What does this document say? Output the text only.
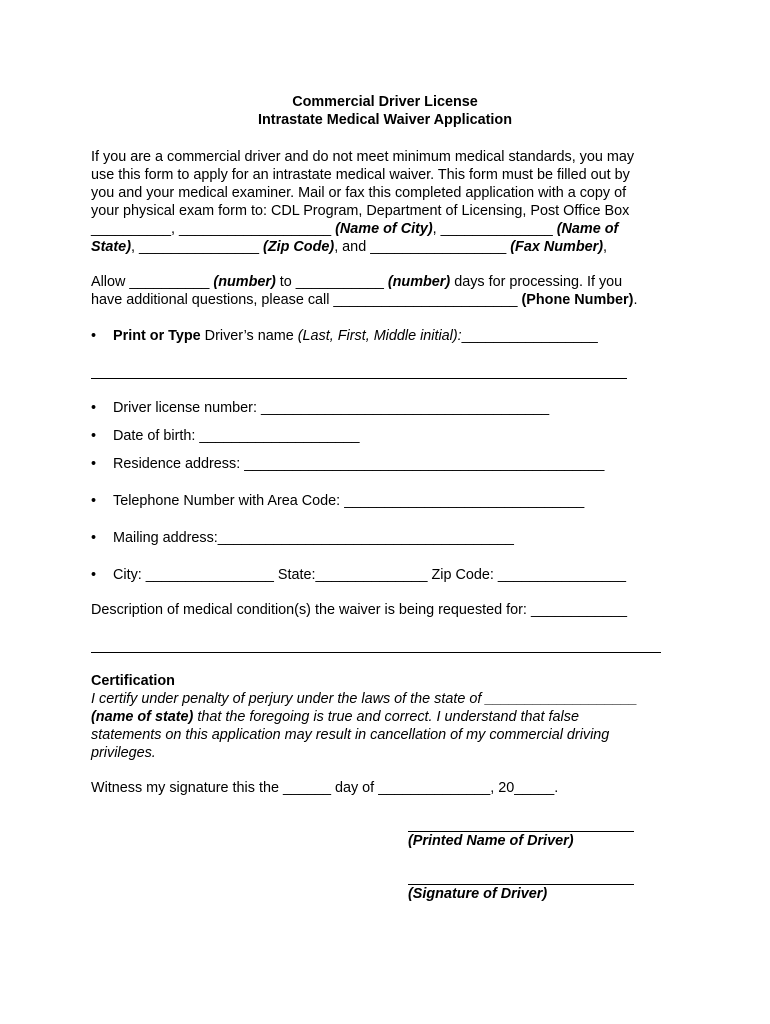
Commercial Driver License
Intrastate Medical Waiver Application
If you are a commercial driver and do not meet minimum medical standards, you may
use this form to apply for an intrastate medical waiver. This form must be filled out by
you and your medical examiner. Mail or fax this completed application with a copy of
your physical exam form to: CDL Program, Department of Licensing, Post Office Box
__________, ___________________ (Name of City), ______________ (Name of
State), _______________ (Zip Code), and _________________ (Fax Number),
Allow __________ (number) to ___________ (number) days for processing. If you
have additional questions, please call _______________________ (Phone Number).
• Print or Type Driver’s name (Last, First, Middle initial):_________________
• Driver license number: ____________________________________
• Date of birth: ____________________
• Residence address: _____________________________________________
• Telephone Number with Area Code: ______________________________
• Mailing address:_____________________________________
• City: ________________ State:______________ Zip Code: ________________
Description of medical condition(s) the waiver is being requested for: ____________
Certification
I certify under penalty of perjury under the laws of the state of ___________________
(name of state) that the foregoing is true and correct. I understand that false
statements on this application may result in cancellation of my commercial driving
privileges.
Witness my signature this the ______ day of ______________, 20_____.
(Printed Name of Driver)
(Signature of Driver)
